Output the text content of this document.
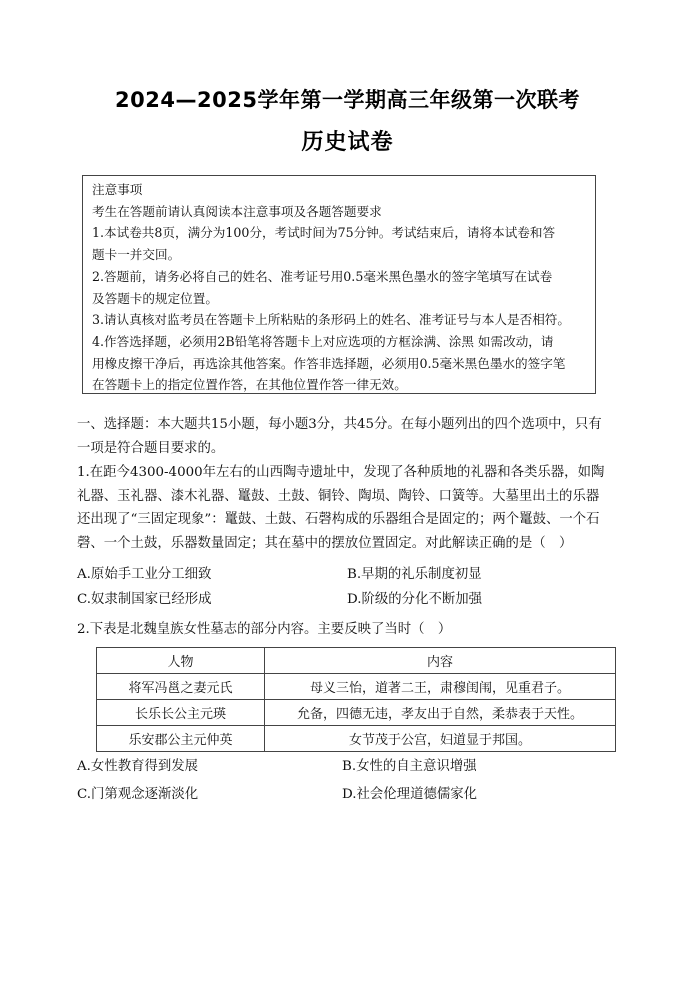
2024—2025学年第一学期高三年级第一次联考
历史试卷
注意事项
考生在答题前请认真阅读本注意事项及各题答题要求
1.本试卷共8页，满分为100分，考试时间为75分钟。考试结束后，请将本试卷和答
题卡一并交回。
2.答题前，请务必将自己的姓名、准考证号用0.5毫米黑色墨水的签字笔填写在试卷
及答题卡的规定位置。
3.请认真核对监考员在答题卡上所粘贴的条形码上的姓名、准考证号与本人是否相符。
4.作答选择题，必须用2B铅笔将答题卡上对应选项的方框涂满、涂黑 如需改动，请
用橡皮擦干净后，再选涂其他答案。作答非选择题，必须用0.5毫米黑色墨水的签字笔
在答题卡上的指定位置作答，在其他位置作答一律无效。
一、选择题：本大题共15小题，每小题3分，共45分。在每小题列出的四个选项中，只有一项是符合题目要求的。
1.在距今4300-4000年左右的山西陶寺遗址中，发现了各种质地的礼器和各类乐器，如陶礼器、玉礼器、漆木礼器、鼍鼓、土鼓、铜铃、陶埙、陶铃、口簧等。大墓里出土的乐器还出现了“三固定现象”：鼍鼓、土鼓、石磬构成的乐器组合是固定的；两个鼍鼓、一个石磬、一个土鼓，乐器数量固定；其在墓中的摆放位置固定。对此解读正确的是（　）
A.原始手工业分工细致	B.早期的礼乐制度初显
C.奴隶制国家已经形成	D.阶级的分化不断加强
2.下表是北魏皇族女性墓志的部分内容。主要反映了当时（　）
人物	内容
将军冯邕之妻元氏	母义三怡，道著二王，肃穆闺闱，见重君子。
长乐长公主元瑛	允备，四德无违，孝友出于自然，柔恭表于天性。
乐安郡公主元仲英	女节茂于公宫，妇道显于邦国。
A.女性教育得到发展	B.女性的自主意识增强
C.门第观念逐渐淡化	D.社会伦理道德儒家化
